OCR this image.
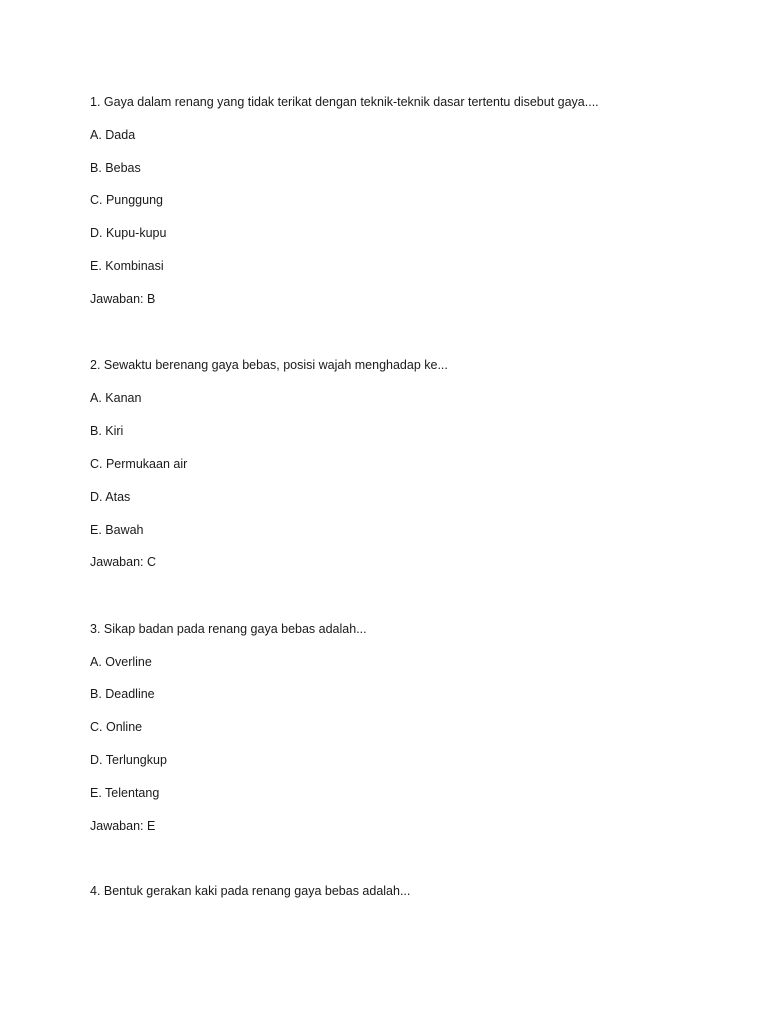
1. Gaya dalam renang yang tidak terikat dengan teknik-teknik dasar tertentu disebut gaya....
A. Dada
B. Bebas
C. Punggung
D. Kupu-kupu
E. Kombinasi
Jawaban: B
2. Sewaktu berenang gaya bebas, posisi wajah menghadap ke...
A. Kanan
B. Kiri
C. Permukaan air
D. Atas
E. Bawah
Jawaban: C
3. Sikap badan pada renang gaya bebas adalah...
A. Overline
B. Deadline
C. Online
D. Terlungkup
E. Telentang
Jawaban: E
4. Bentuk gerakan kaki pada renang gaya bebas adalah...
